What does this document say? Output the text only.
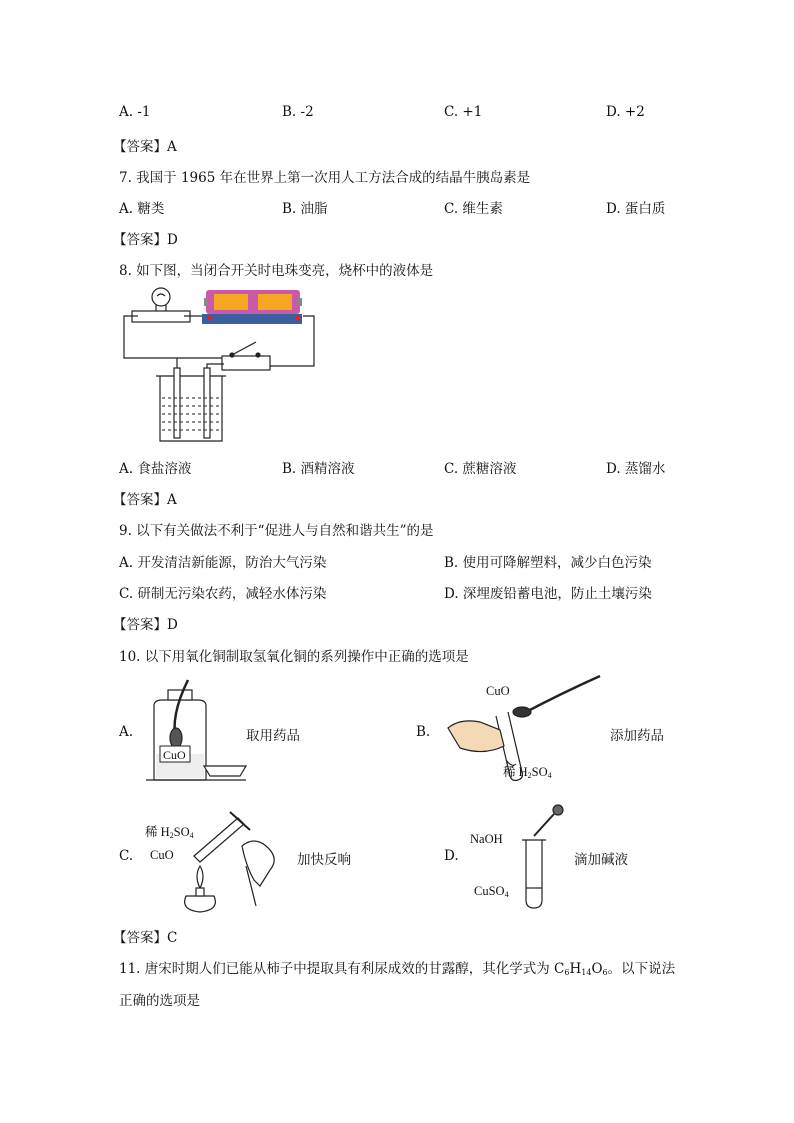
A. -1	B. -2	C. +1	D. +2
【答案】A
7. 我国于 1965 年在世界上第一次用人工方法合成的结晶牛胰岛素是
A. 糖类	B. 油脂	C. 维生素	D. 蛋白质
【答案】D
8. 如下图，当闭合开关时电珠变亮，烧杯中的液体是
A. 食盐溶液	B. 酒精溶液	C. 蔗糖溶液	D. 蒸馏水
【答案】A
9. 以下有关做法不利于“促进人与自然和谐共生”的是
A. 开发清洁新能源，防治大气污染	B. 使用可降解塑料，减少白色污染
C. 研制无污染农药，减轻水体污染	D. 深埋废铅蓄电池，防止土壤污染
【答案】D
10. 以下用氧化铜制取氢氧化铜的系列操作中正确的选项是
A.
CuO
取用药品	B.
CuO
稀 $H_2SO_4$
添加药品
C.
稀 $H_2SO_4$
CuO	加快反响	D.
NaOH
CuSO$_4$
滴加碱液
【答案】C
11. 唐宋时期人们已能从柿子中提取具有利尿成效的甘露醇，其化学式为 $C_6H_{14}O_6$。以下说法
正确的选项是
